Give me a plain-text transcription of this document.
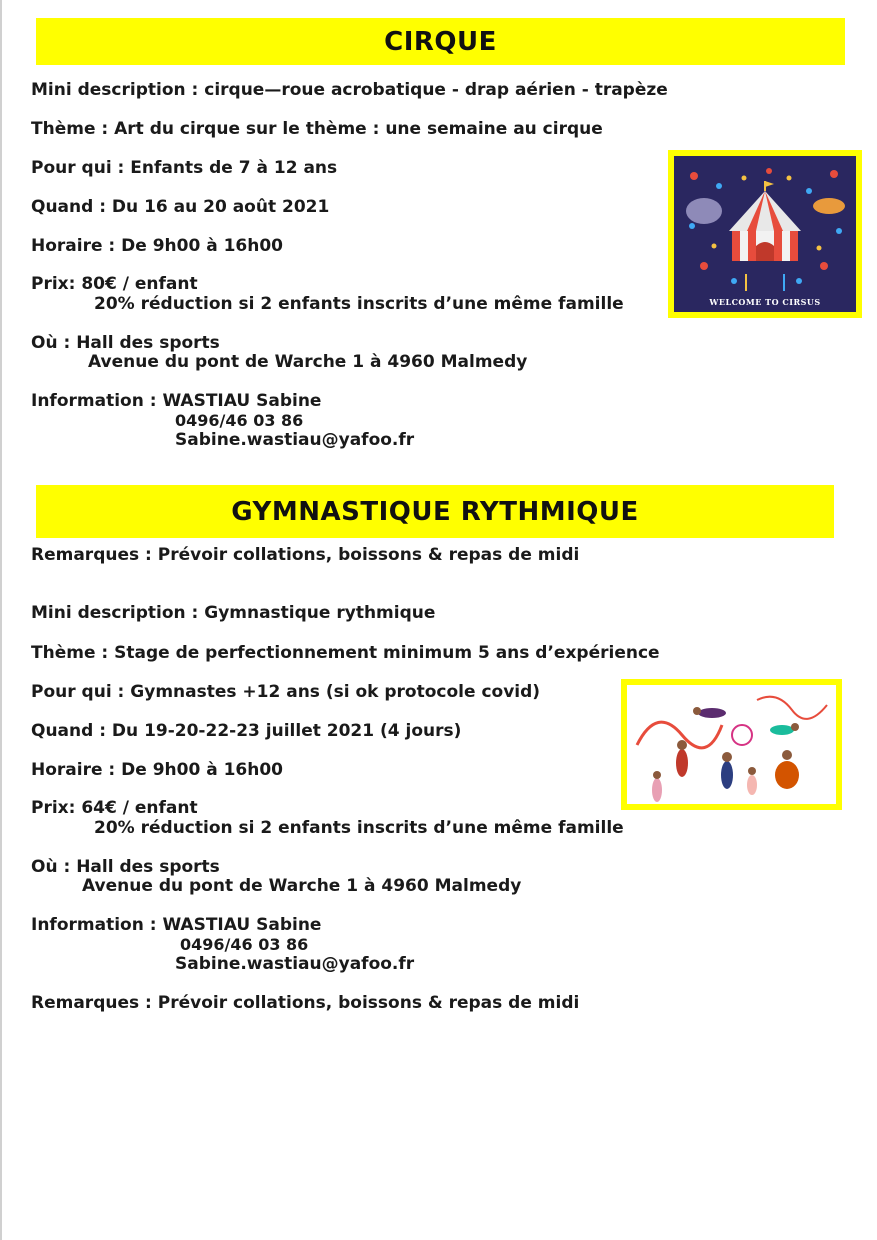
CIRQUE
Mini description : cirque—roue acrobatique - drap aérien - trapèze
Thème : Art du cirque sur le thème : une semaine au cirque
Pour qui : Enfants de 7 à 12 ans
Quand : Du 16 au 20 août 2021
Horaire : De 9h00 à 16h00
Prix: 80€ / enfant
20% réduction si 2 enfants inscrits d’une même famille
Où : Hall des sports
Avenue du pont de Warche 1 à 4960 Malmedy
Information : WASTIAU Sabine
0496/46 03 86
Sabine.wastiau@yafoo.fr
WELCOME TO CIRSUS
GYMNASTIQUE RYTHMIQUE
Remarques : Prévoir collations, boissons & repas de midi
Mini description : Gymnastique rythmique
Thème : Stage de perfectionnement minimum 5 ans d’expérience
Pour qui : Gymnastes +12 ans (si ok protocole covid)
Quand : Du 19-20-22-23 juillet 2021 (4 jours)
Horaire : De 9h00 à 16h00
Prix: 64€ / enfant
20% réduction si 2 enfants inscrits d’une même famille
Où : Hall des sports
Avenue du pont de Warche 1 à 4960 Malmedy
Information : WASTIAU Sabine
0496/46 03 86
Sabine.wastiau@yafoo.fr
Remarques : Prévoir collations, boissons & repas de midi
